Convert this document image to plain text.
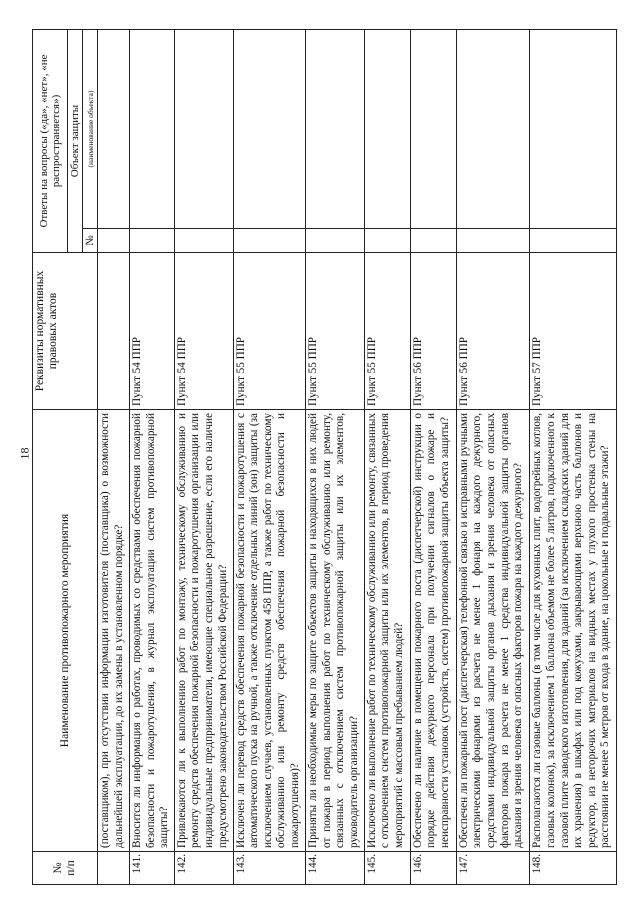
18
№
п/п	Наименование противопожарного мероприятия	Реквизиты нормативных правовых актов	Ответы на вопросы («да», «нет», «не распространяется»)	
			Объект защиты	
			№	(наименование объекта)
	(поставщиком), при отсутствии информации изготовителя (поставщика) о возможности дальнейшей эксплуатации, до их замены в установленном порядке?			
141.	Вносится ли информация о работах, проводимых со средствами обеспечения пожарной безопасности и пожаротушения, в журнал эксплуатации систем противопожарной защиты?	Пункт 54 ППР		
142.	Привлекаются ли к выполнению работ по монтажу, техническому обслуживанию и ремонту средств обеспечения пожарной безопасности и пожаротушения организации или индивидуальные предприниматели, имеющие специальное разрешение, если его наличие предусмотрено законодательством Российской Федерации?	Пункт 54 ППР		
143.	Исключен ли перевод средств обеспечения пожарной безопасности и пожаротушения с автоматического пуска на ручной, а также отключение отдельных линий (зон) защиты (за исключением случаев, установленных пунктом 458 ППР, а также работ по техническому обслуживанию или ремонту средств обеспечения пожарной безопасности и пожаротушения)?	Пункт 55 ППР		
144.	Приняты ли необходимые меры по защите объектов защиты и находящихся в них людей от пожара в период выполнения работ по техническому обслуживанию или ремонту, связанных с отключением систем противопожарной защиты или их элементов, руководитель организации?	Пункт 55 ППР		
145.	Исключено ли выполнение работ по техническому обслуживанию или ремонту, связанных с отключением систем противопожарной защиты или их элементов, в период проведения мероприятий с массовым пребыванием людей?	Пункт 55 ППР		
146.	Обеспечено ли наличие в помещении пожарного поста (диспетчерской) инструкции о порядке действия дежурного персонала при получении сигналов о пожаре и неисправности установок (устройств, систем) противопожарной защиты объекта защиты?	Пункт 56 ППР		
147.	Обеспечен ли пожарный пост (диспетчерская) телефонной связью и исправными ручными электрическими фонарями из расчета не менее 1 фонаря на каждого дежурного, средствами индивидуальной защиты органов дыхания и зрения человека от опасных факторов пожара из расчета не менее 1 средства индивидуальной защиты органов дыхания и зрения человека от опасных факторов пожара на каждого дежурного?	Пункт 56 ППР		
148.	Располагаются ли газовые баллоны (в том числе для кухонных плит, водогрейных котлов, газовых колонок), за исключением 1 баллона объемом не более 5 литров, подключенного к газовой плите заводского изготовления, для зданий (за исключением складских зданий для их хранения) в шкафах или под кожухами, закрывающими верхнюю часть баллонов и редуктор, из негорючих материалов на видных местах у глухого простенка стены на расстоянии не менее 5 метров от входа в здание, на цокольные и подвальные этажи?	Пункт 57 ППР		
